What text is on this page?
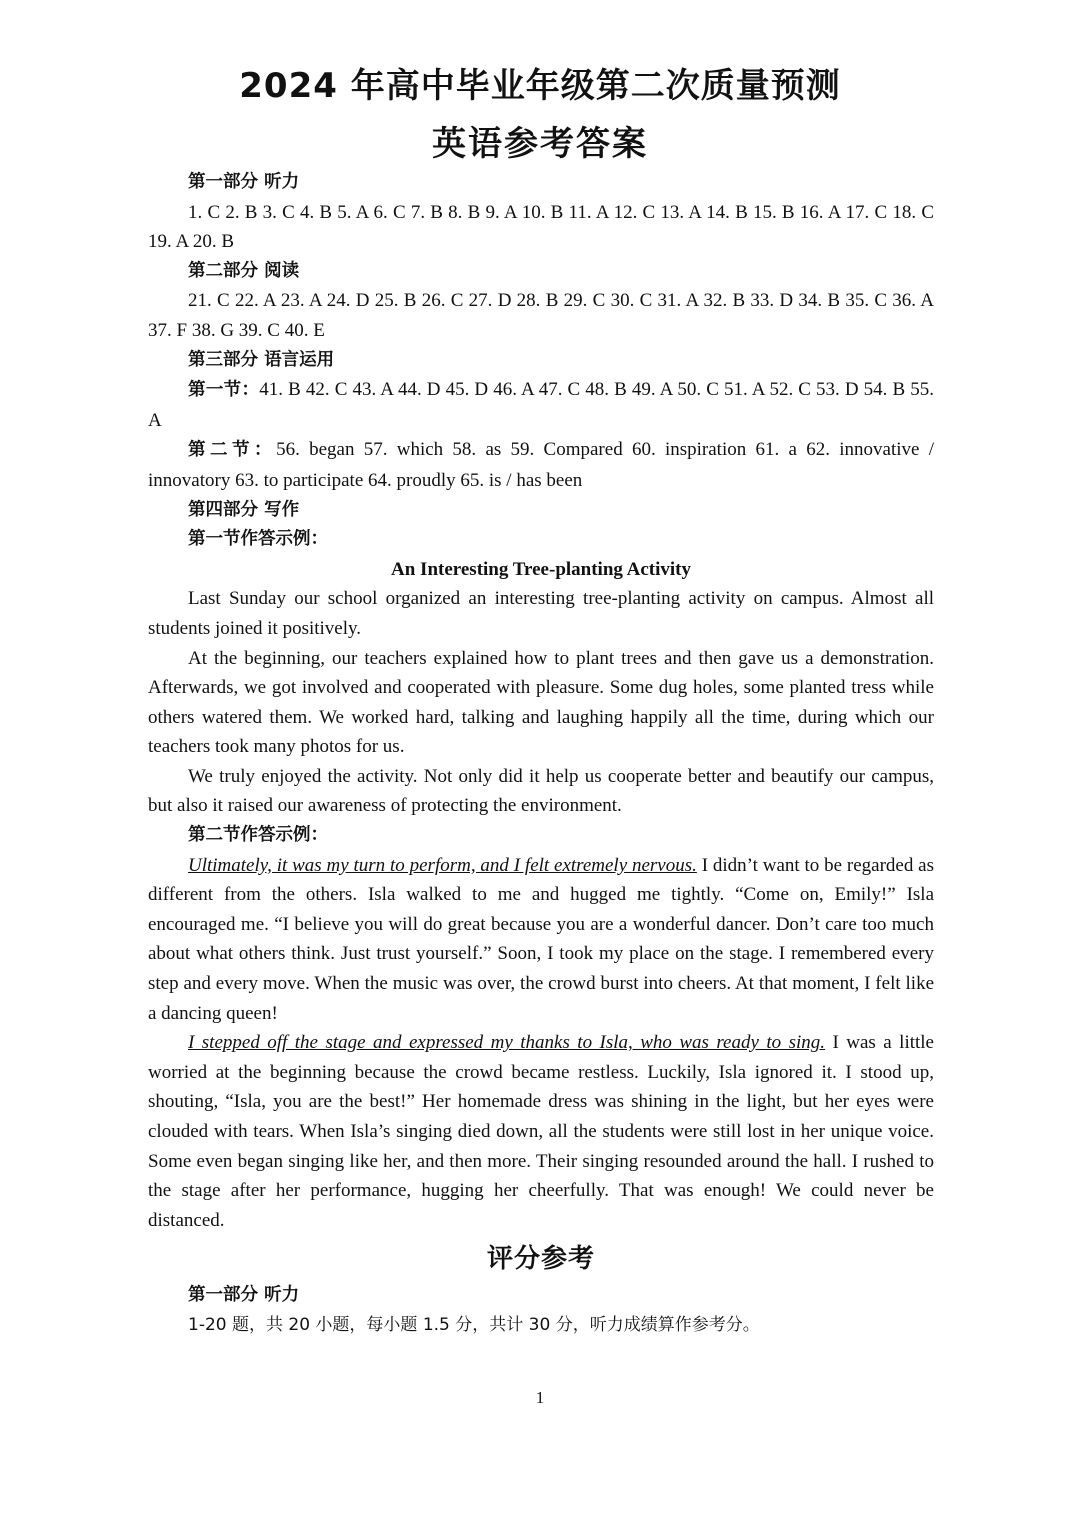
2024 年高中毕业年级第二次质量预测
英语参考答案

第一部分 听力

1. C 2. B 3. C 4. B 5. A 6. C 7. B 8. B 9. A 10. B 11. A 12. C 13. A 14. B 15. B 16. A 17. C 18. C 19. A 20. B

第二部分 阅读

21. C 22. A 23. A 24. D 25. B 26. C 27. D 28. B 29. C 30. C 31. A 32. B 33. D 34. B 35. C 36. A 37. F 38. G 39. C 40. E

第三部分 语言运用

第一节：41. B 42. C 43. A 44. D 45. D 46. A 47. C 48. B 49. A 50. C 51. A 52. C 53. D 54. B 55. A

第二节：56. began 57. which 58. as 59. Compared 60. inspiration 61. a 62. innovative / innovatory 63. to participate 64. proudly 65. is / has been

第四部分 写作

第一节作答示例：

An Interesting Tree-planting Activity

Last Sunday our school organized an interesting tree-planting activity on campus. Almost all students joined it positively.

At the beginning, our teachers explained how to plant trees and then gave us a demonstration. Afterwards, we got involved and cooperated with pleasure. Some dug holes, some planted tress while others watered them. We worked hard, talking and laughing happily all the time, during which our teachers took many photos for us.

We truly enjoyed the activity. Not only did it help us cooperate better and beautify our campus, but also it raised our awareness of protecting the environment.

第二节作答示例：

Ultimately, it was my turn to perform, and I felt extremely nervous. I didn’t want to be regarded as different from the others. Isla walked to me and hugged me tightly. “Come on, Emily!” Isla encouraged me. “I believe you will do great because you are a wonderful dancer. Don’t care too much about what others think. Just trust yourself.” Soon, I took my place on the stage. I remembered every step and every move. When the music was over, the crowd burst into cheers. At that moment, I felt like a dancing queen!

I stepped off the stage and expressed my thanks to Isla, who was ready to sing. I was a little worried at the beginning because the crowd became restless. Luckily, Isla ignored it. I stood up, shouting, “Isla, you are the best!” Her homemade dress was shining in the light, but her eyes were clouded with tears. When Isla’s singing died down, all the students were still lost in her unique voice. Some even began singing like her, and then more. Their singing resounded around the hall. I rushed to the stage after her performance, hugging her cheerfully. That was enough! We could never be distanced.

评分参考

第一部分 听力

1-20 题，共 20 小题，每小题 1.5 分，共计 30 分，听力成绩算作参考分。

1
